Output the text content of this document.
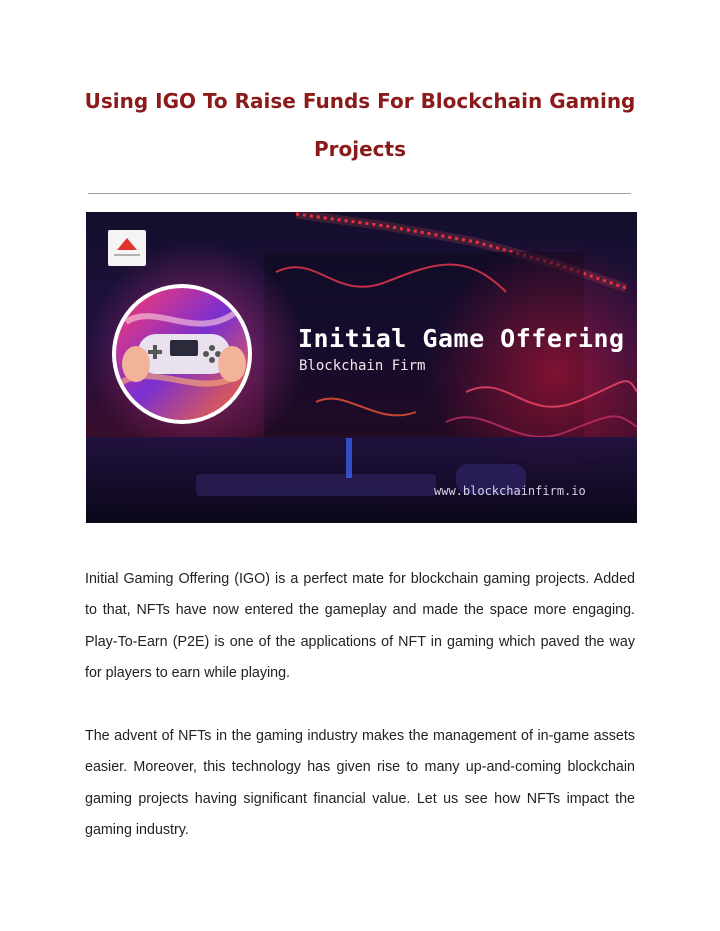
Using IGO To Raise Funds For Blockchain Gaming
Projects
Initial Game Offering
Blockchain Firm
www.blockchainfirm.io

Initial Gaming Offering (IGO) is a perfect mate for blockchain gaming projects. Added to that, NFTs have now entered the gameplay and made the space more engaging. Play-To-Earn (P2E) is one of the applications of NFT in gaming which paved the way for players to earn while playing.

The advent of NFTs in the gaming industry makes the management of in-game assets easier. Moreover, this technology has given rise to many up-and-coming blockchain gaming projects having significant financial value. Let us see how NFTs impact the gaming industry.
